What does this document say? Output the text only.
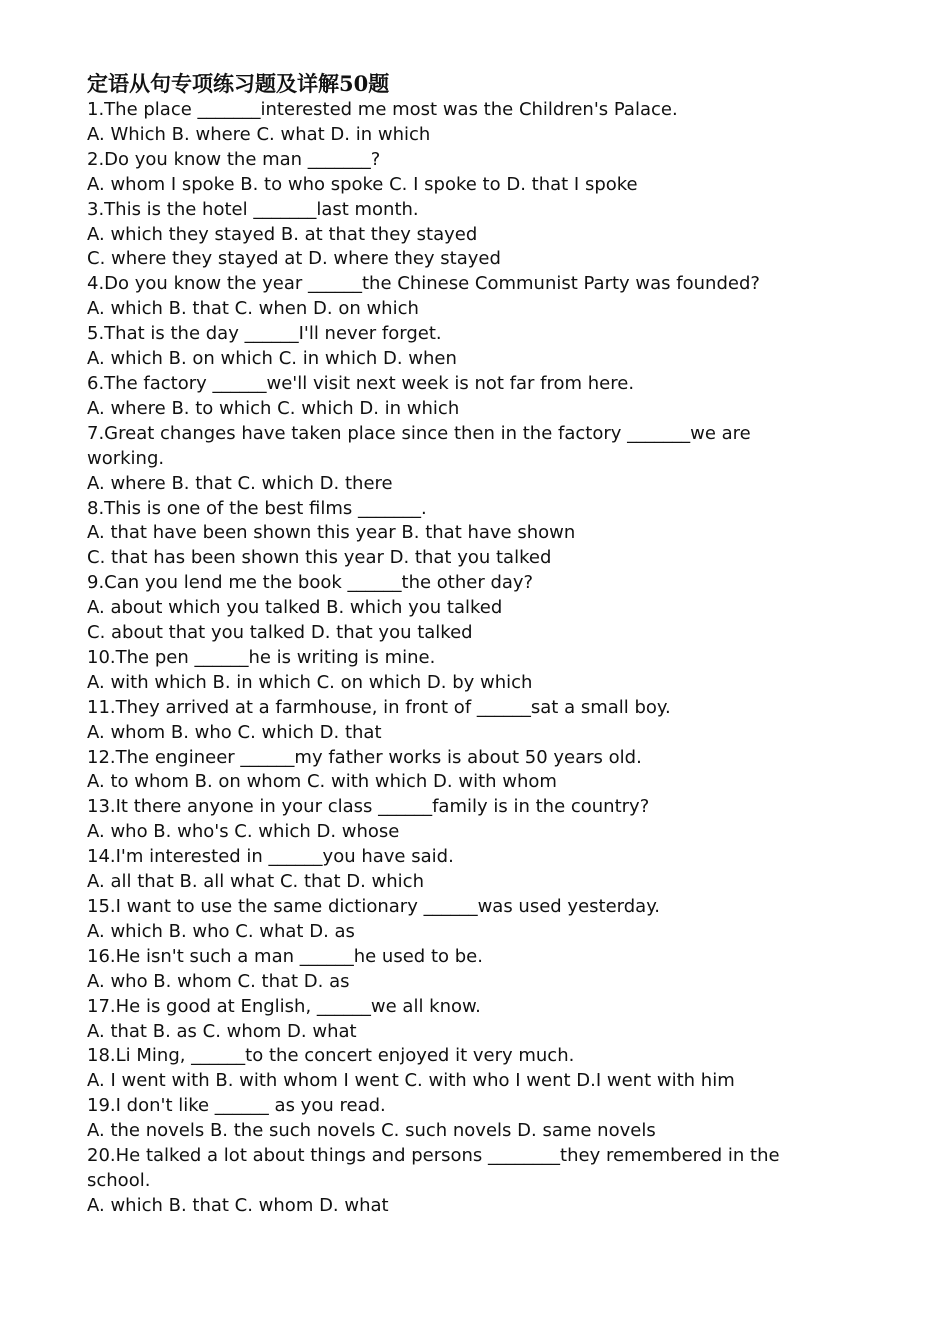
定语从句专项练习题及详解50题
1.The place _______interested me most was the Children's Palace.
A. Which B. where C. what D. in which
2.Do you know the man _______?
A. whom I spoke B. to who spoke C. I spoke to D. that I spoke
3.This is the hotel _______last month.
A. which they stayed B. at that they stayed
C. where they stayed at D. where they stayed
4.Do you know the year ______the Chinese Communist Party was founded?
A. which B. that C. when D. on which
5.That is the day ______I'll never forget.
A. which B. on which C. in which D. when
6.The factory ______we'll visit next week is not far from here.
A. where B. to which C. which D. in which
7.Great changes have taken place since then in the factory _______we are
working.
A. where B. that C. which D. there
8.This is one of the best films _______.
A. that have been shown this year B. that have shown
C. that has been shown this year D. that you talked
9.Can you lend me the book ______the other day?
A. about which you talked B. which you talked
C. about that you talked D. that you talked
10.The pen ______he is writing is mine.
A. with which B. in which C. on which D. by which
11.They arrived at a farmhouse, in front of ______sat a small boy.
A. whom B. who C. which D. that
12.The engineer ______my father works is about 50 years old.
A. to whom B. on whom C. with which D. with whom
13.It there anyone in your class ______family is in the country?
A. who B. who's C. which D. whose
14.I'm interested in ______you have said.
A. all that B. all what C. that D. which
15.I want to use the same dictionary ______was used yesterday.
A. which B. who C. what D. as
16.He isn't such a man ______he used to be.
A. who B. whom C. that D. as
17.He is good at English, ______we all know.
A. that B. as C. whom D. what
18.Li Ming, ______to the concert enjoyed it very much.
A. I went with B. with whom I went C. with who I went D.I went with him
19.I don't like ______ as you read.
A. the novels B. the such novels C. such novels D. same novels
20.He talked a lot about things and persons ________they remembered in the
school.
A. which B. that C. whom D. what
